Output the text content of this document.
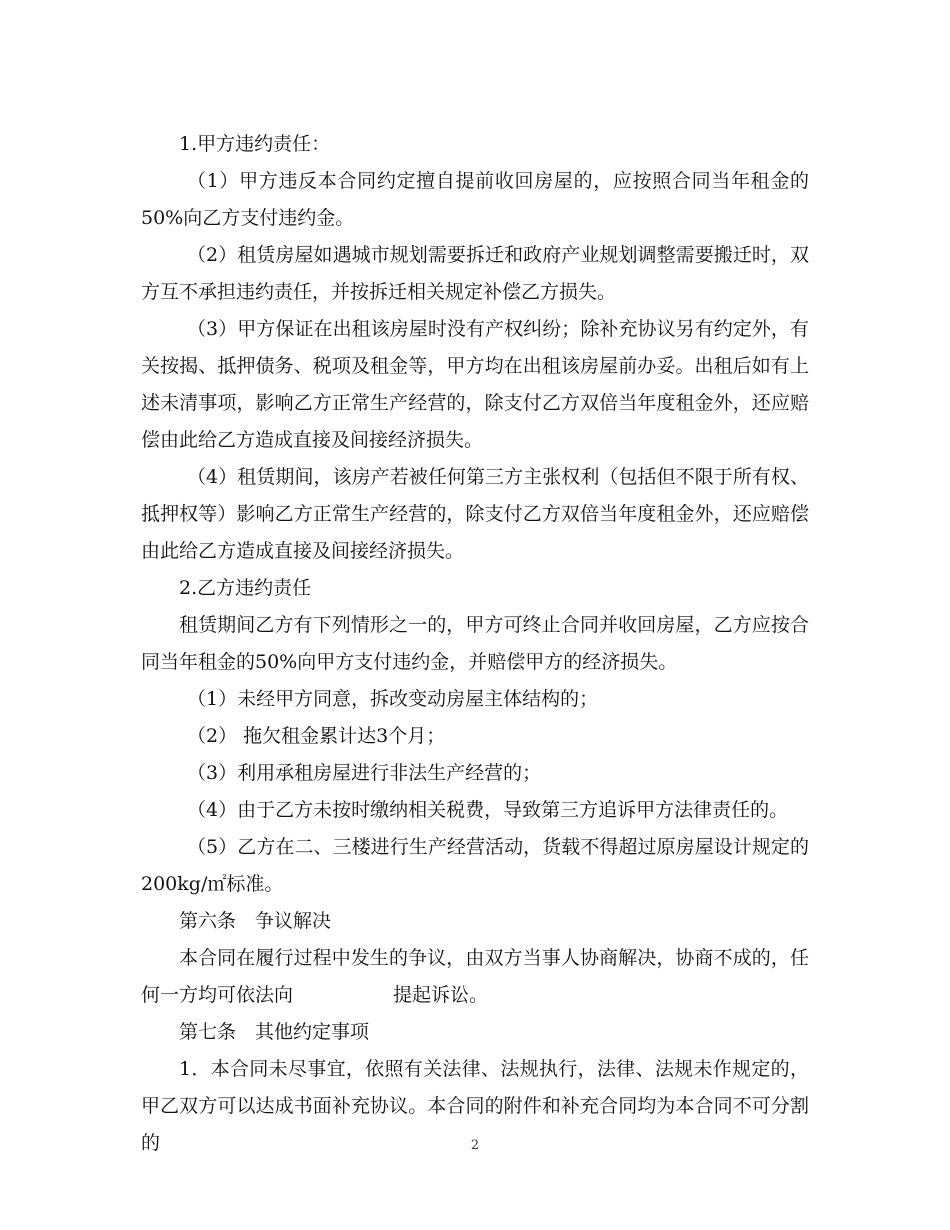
1.甲方违约责任：

（1）甲方违反本合同约定擅自提前收回房屋的，应按照合同当年租金的50%向乙方支付违约金。

（2）租赁房屋如遇城市规划需要拆迁和政府产业规划调整需要搬迁时，双方互不承担违约责任，并按拆迁相关规定补偿乙方损失。

（3）甲方保证在出租该房屋时没有产权纠纷；除补充协议另有约定外，有关按揭、抵押债务、税项及租金等，甲方均在出租该房屋前办妥。出租后如有上述未清事项，影响乙方正常生产经营的，除支付乙方双倍当年度租金外，还应赔偿由此给乙方造成直接及间接经济损失。

（4）租赁期间，该房产若被任何第三方主张权利（包括但不限于所有权、抵押权等）影响乙方正常生产经营的，除支付乙方双倍当年度租金外，还应赔偿由此给乙方造成直接及间接经济损失。

2.乙方违约责任

租赁期间乙方有下列情形之一的，甲方可终止合同并收回房屋，乙方应按合同当年租金的50%向甲方支付违约金，并赔偿甲方的经济损失。

（1）未经甲方同意，拆改变动房屋主体结构的；

（2） 拖欠租金累计达3个月；

（3）利用承租房屋进行非法生产经营的；

（4）由于乙方未按时缴纳相关税费，导致第三方追诉甲方法律责任的。

（5）乙方在二、三楼进行生产经营活动，货载不得超过原房屋设计规定的200kg/㎡标准。

第六条　争议解决

本合同在履行过程中发生的争议，由双方当事人协商解决，协商不成的，任何一方均可依法向	提起诉讼。

第七条　其他约定事项

1．本合同未尽事宜，依照有关法律、法规执行，法律、法规未作规定的，甲乙双方可以达成书面补充协议。本合同的附件和补充合同均为本合同不可分割的	2
